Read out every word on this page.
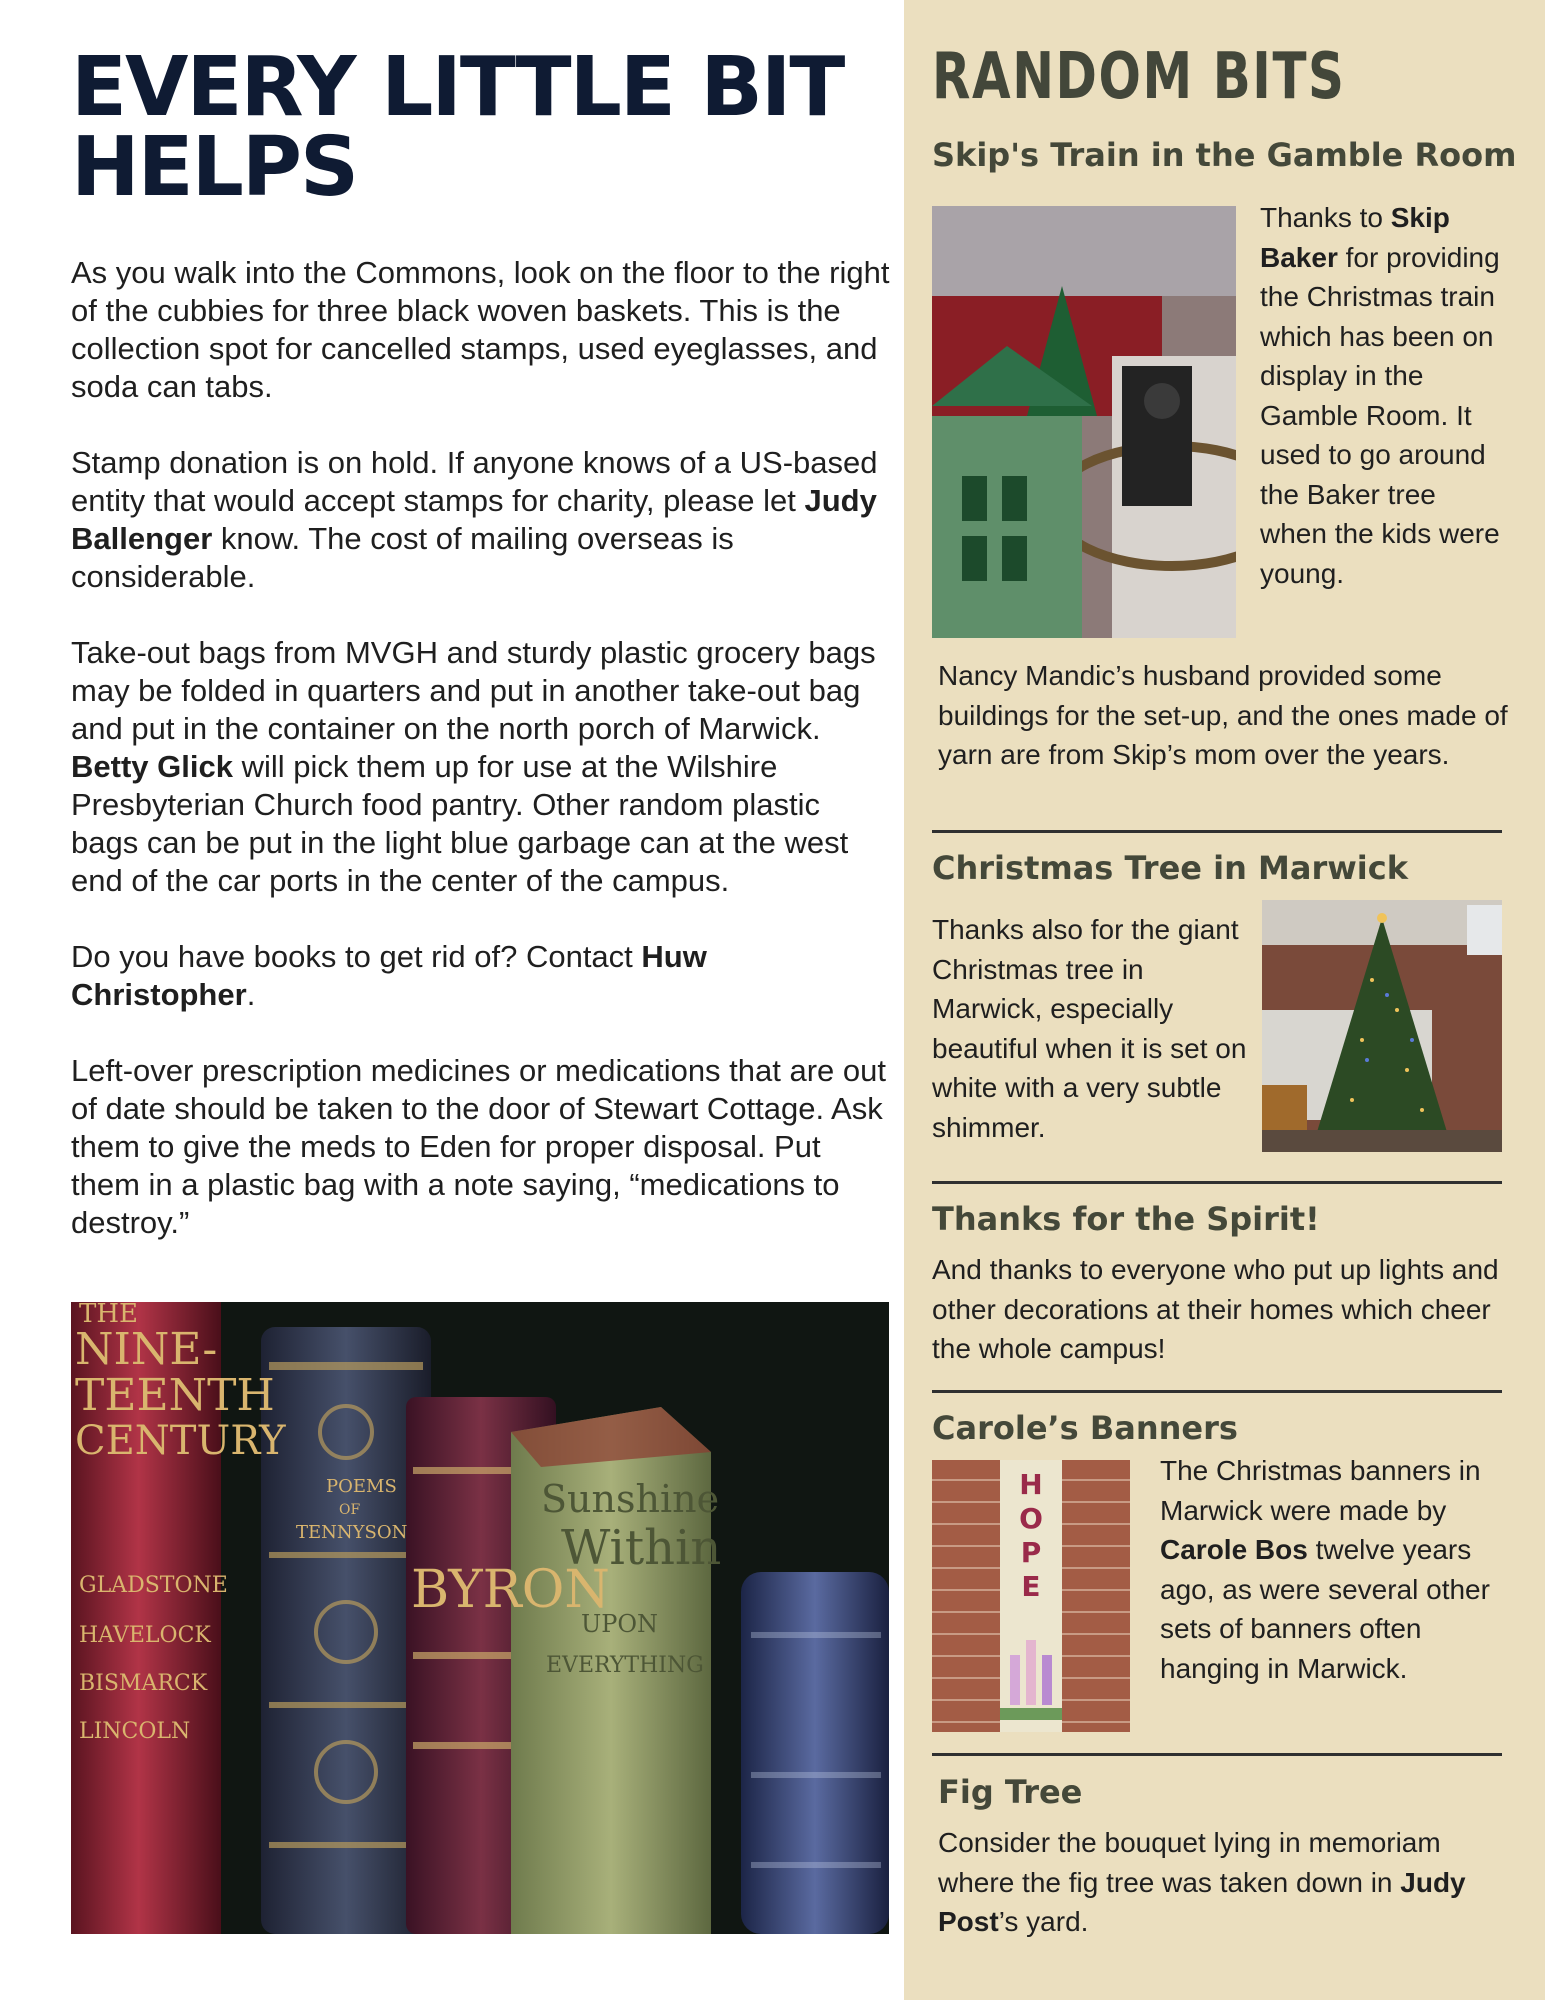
EVERY LITTLE BIT
HELPS

As you walk into the Commons, look on the floor to the right of the cubbies for three black woven baskets. This is the collection spot for cancelled stamps, used eyeglasses, and soda can tabs.

Stamp donation is on hold. If anyone knows of a US-based entity that would accept stamps for charity, please let Judy Ballenger know. The cost of mailing overseas is considerable.

Take-out bags from MVGH and sturdy plastic grocery bags may be folded in quarters and put in another take-out bag and put in the container on the north porch of Marwick. Betty Glick will pick them up for use at the Wilshire Presbyterian Church food pantry. Other random plastic bags can be put in the light blue garbage can at the west end of the car ports in the center of the campus.

Do you have books to get rid of? Contact Huw Christopher.

Left-over prescription medicines or medications that are out of date should be taken to the door of Stewart Cottage. Ask them to give the meds to Eden for proper disposal. Put them in a plastic bag with a note saying, “medications to destroy.”

THE
NINE-
TEENTH
CENTURY
GLADSTONE
HAVELOCK
BISMARCK
LINCOLN
POEMS
OF
TENNYSON
BYRON
Sunshine
Within
UPON
EVERYTHING
RANDOM BITS
Skip's Train in the Gamble Room

Thanks to Skip Baker for providing the Christmas train which has been on display in the Gamble Room. It used to go around the Baker tree when the kids were young.

Nancy Mandic’s husband provided some buildings for the set-up, and the ones made of yarn are from Skip’s mom over the years.

Christmas Tree in Marwick

Thanks also for the giant Christmas tree in Marwick, especially beautiful when it is set on white with a very subtle shimmer.

Thanks for the Spirit!

And thanks to everyone who put up lights and other decorations at their homes which cheer the whole campus!

Carole’s Banners
H
O
P
E

The Christmas banners in Marwick were made by Carole Bos twelve years ago, as were several other sets of banners often hanging in Marwick.

Fig Tree

Consider the bouquet lying in memoriam where the fig tree was taken down in Judy Post’s yard.
